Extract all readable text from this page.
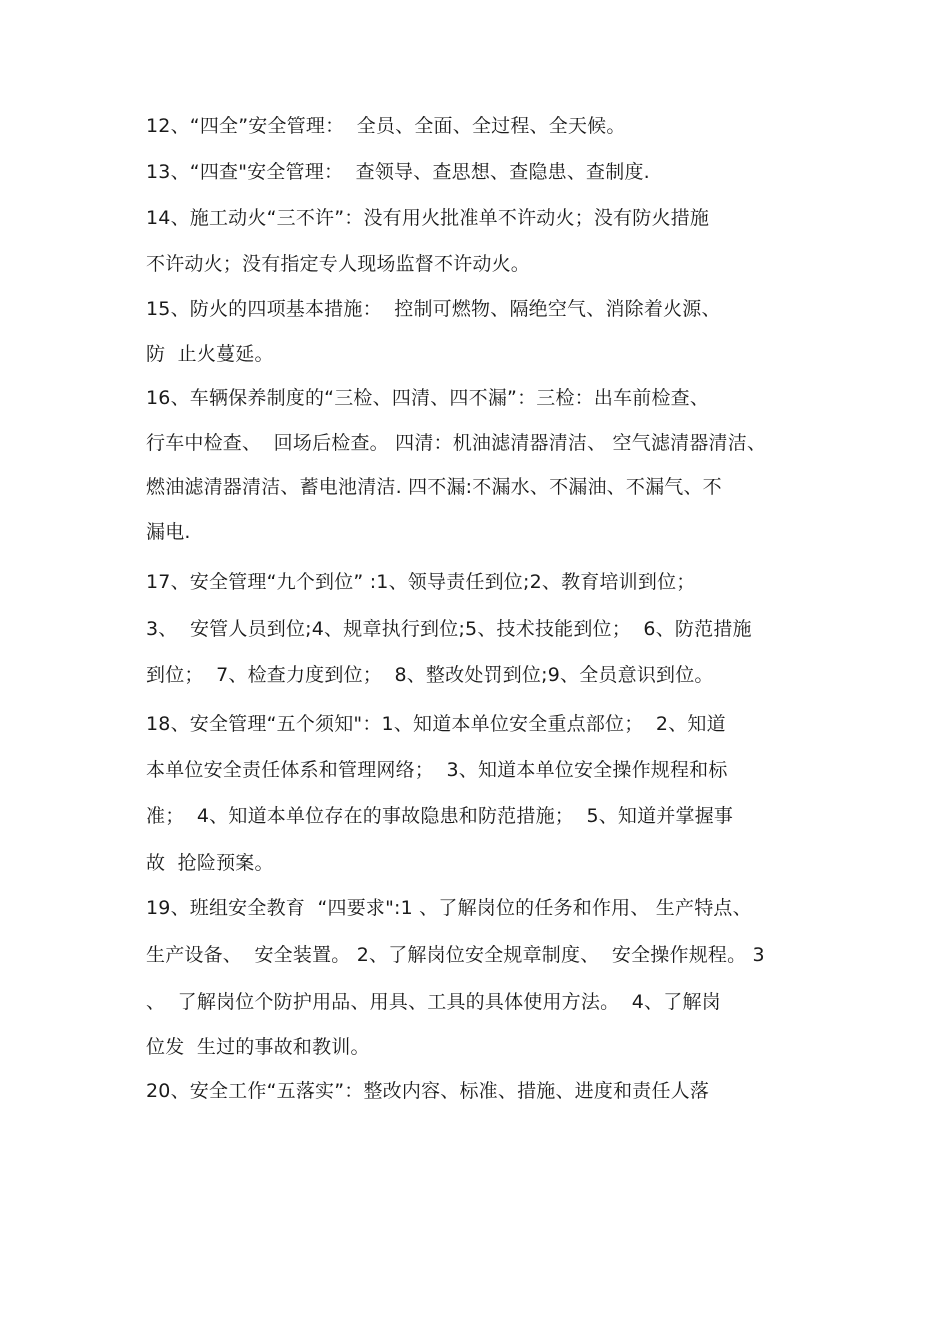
12、“四全”安全管理：  全员、全面、全过程、全天候。
13、“四查"安全管理：  查领导、查思想、查隐患、查制度.
14、施工动火“三不许”：没有用火批准单不许动火；没有防火措施
不许动火；没有指定专人现场监督不许动火。
15、防火的四项基本措施：  控制可燃物、隔绝空气、消除着火源、
防  止火蔓延。
16、车辆保养制度的“三检、四清、四不漏”：三检：出车前检查、
行车中检查、  回场后检查。 四清：机油滤清器清洁、 空气滤清器清洁、
燃油滤清器清洁、蓄电池清洁. 四不漏:不漏水、不漏油、不漏气、不
漏电.
17、安全管理“九个到位” :1、领导责任到位;2、教育培训到位；
3、  安管人员到位;4、规章执行到位;5、技术技能到位；  6、防范措施
到位；  7、检查力度到位；  8、整改处罚到位;9、全员意识到位。
18、安全管理“五个须知"：1、知道本单位安全重点部位；  2、知道
本单位安全责任体系和管理网络；  3、知道本单位安全操作规程和标
准；  4、知道本单位存在的事故隐患和防范措施；  5、知道并掌握事
故  抢险预案。
19、班组安全教育  “四要求":1 、了解岗位的任务和作用、 生产特点、
生产设备、  安全装置。 2、了解岗位安全规章制度、  安全操作规程。 3
、  了解岗位个防护用品、用具、工具的具体使用方法。  4、了解岗
位发  生过的事故和教训。
20、安全工作“五落实”：整改内容、标准、措施、进度和责任人落
